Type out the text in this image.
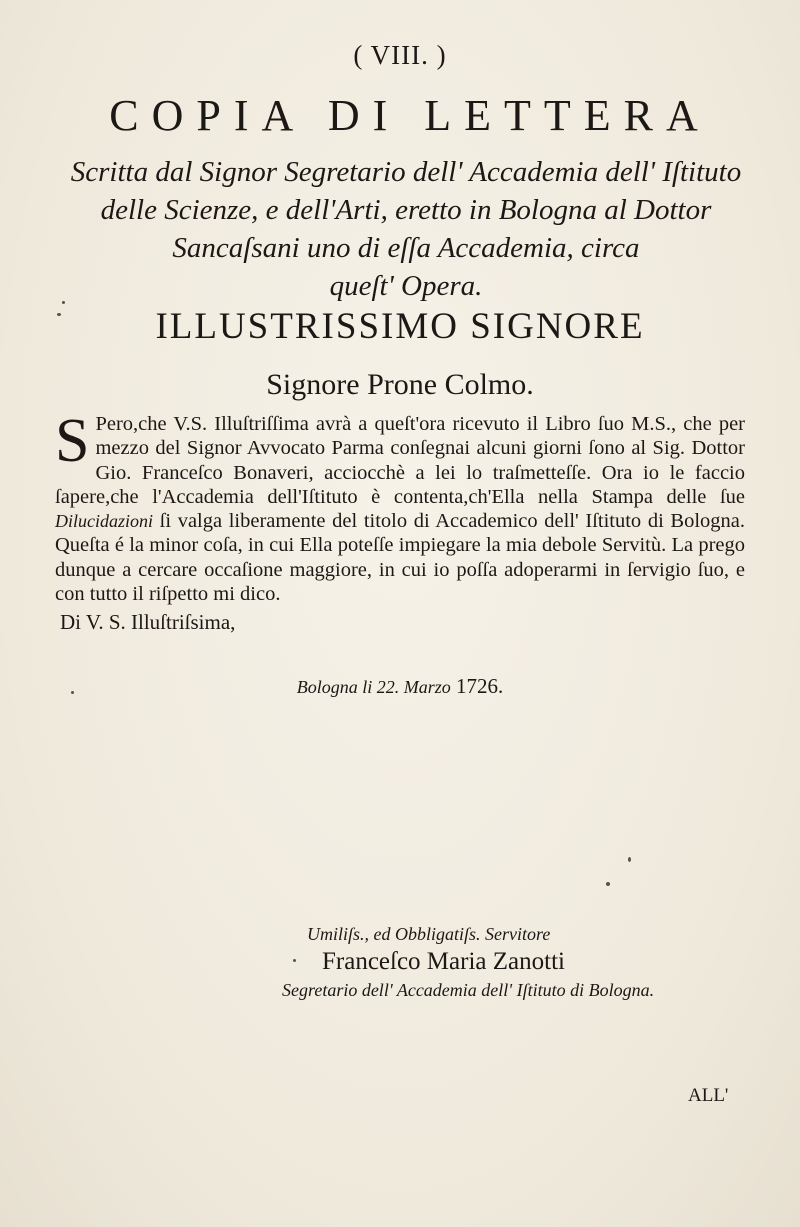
( VIII. )
COPIA DI LETTERA
Scritta dal Signor Segretario dell' Accademia dell' Iſtituto
delle Scienze, e dell'Arti, eretto in Bologna al Dottor
Sancaſsani uno di eſſa Accademia, circa
queſt' Opera.
ILLUSTRISSIMO SIGNORE
Signore Prone Colmo.
S Pero,che V.S. Illuſtriſſima avrà a queſt'ora ricevuto il Libro ſuo M.S., che per mezzo del Signor Avvocato Parma conſegnai alcuni giorni ſono al Sig. Dottor Gio. Franceſco Bonaveri, acciocchè a lei lo traſmetteſſe. Ora io le faccio ſapere,che l'Accademia dell'Iſtituto è contenta,ch'Ella nella Stampa delle ſue Dilucidazioni ſi valga liberamente del titolo di Accademico dell' Iſtituto di Bologna. Queſta é la minor coſa, in cui Ella poteſſe impiegare la mia debole Servitù. La prego dunque a cercare occaſione maggiore, in cui io poſſa adoperarmi in ſervigio ſuo, e con tutto il riſpetto mi dico.
Di V. S. Illuſtriſsima,
Bologna li 22. Marzo 1726.
Umiliſs., ed Obbligatiſs. Servitore
Franceſco Maria Zanotti
Segretario dell' Accademia dell' Iſtituto di Bologna.
ALL'
